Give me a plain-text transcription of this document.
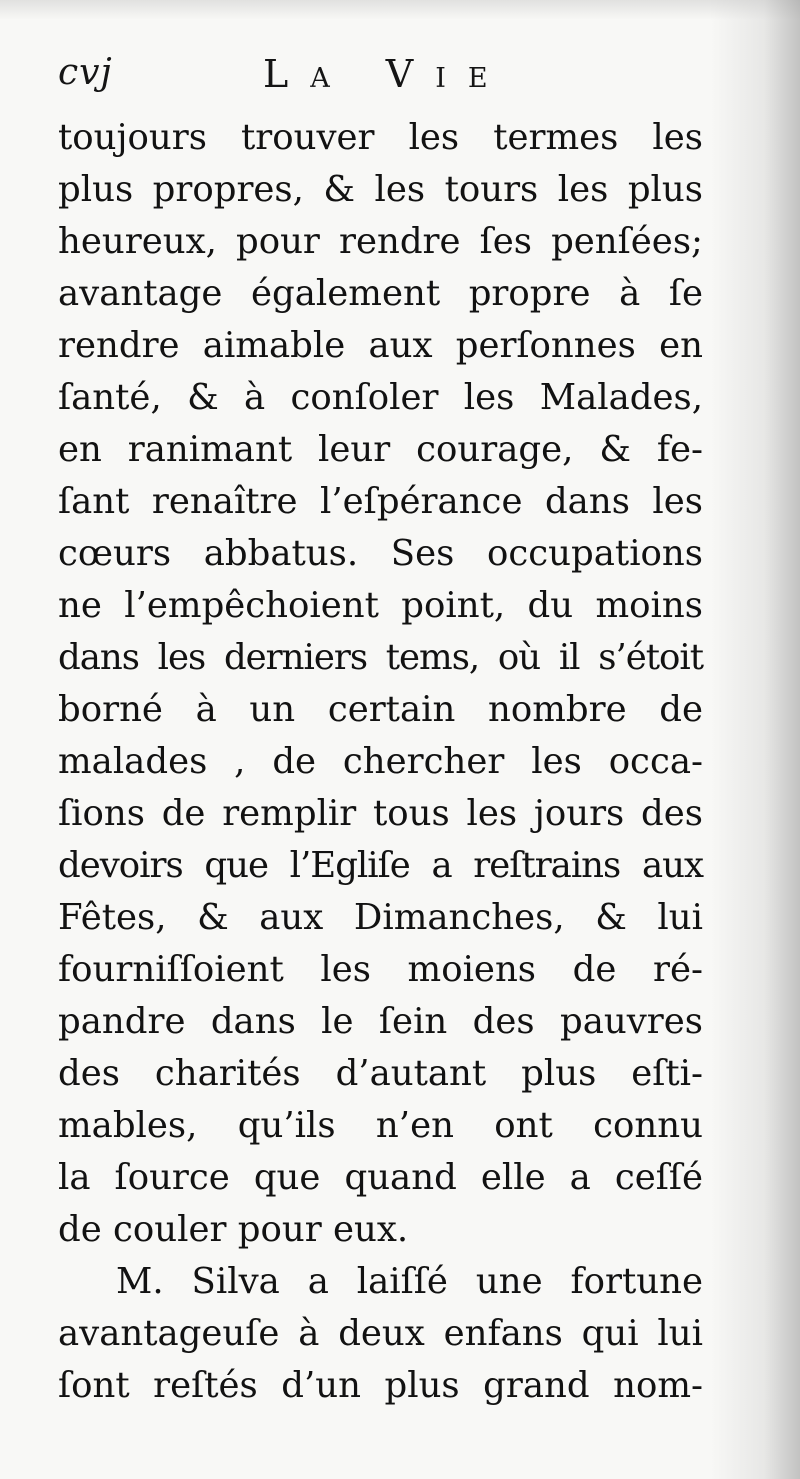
cvj	La Vie
toujours trouver les termes les
plus propres, & les tours les plus
heureux, pour rendre ſes penſées;
avantage également propre à ſe
rendre aimable aux perſonnes en
ſanté, & à conſoler les Malades,
en ranimant leur courage, & fe-
ſant renaître l’eſpérance dans les
cœurs abbatus. Ses occupations
ne l’empêchoient point, du moins
dans les derniers tems, où il s’étoit
borné à un certain nombre de
malades , de chercher les occa-
ſions de remplir tous les jours des
devoirs que l’Egliſe a reſtrains aux
Fêtes, & aux Dimanches, & lui
fourniſſoient les moiens de ré-
pandre dans le ſein des pauvres
des charités d’autant plus eſti-
mables, qu’ils n’en ont connu
la ſource que quand elle a ceſſé
de couler pour eux.
M. Silva a laiſſé une fortune
avantageuſe à deux enfans qui lui
ſont reſtés d’un plus grand nom-
